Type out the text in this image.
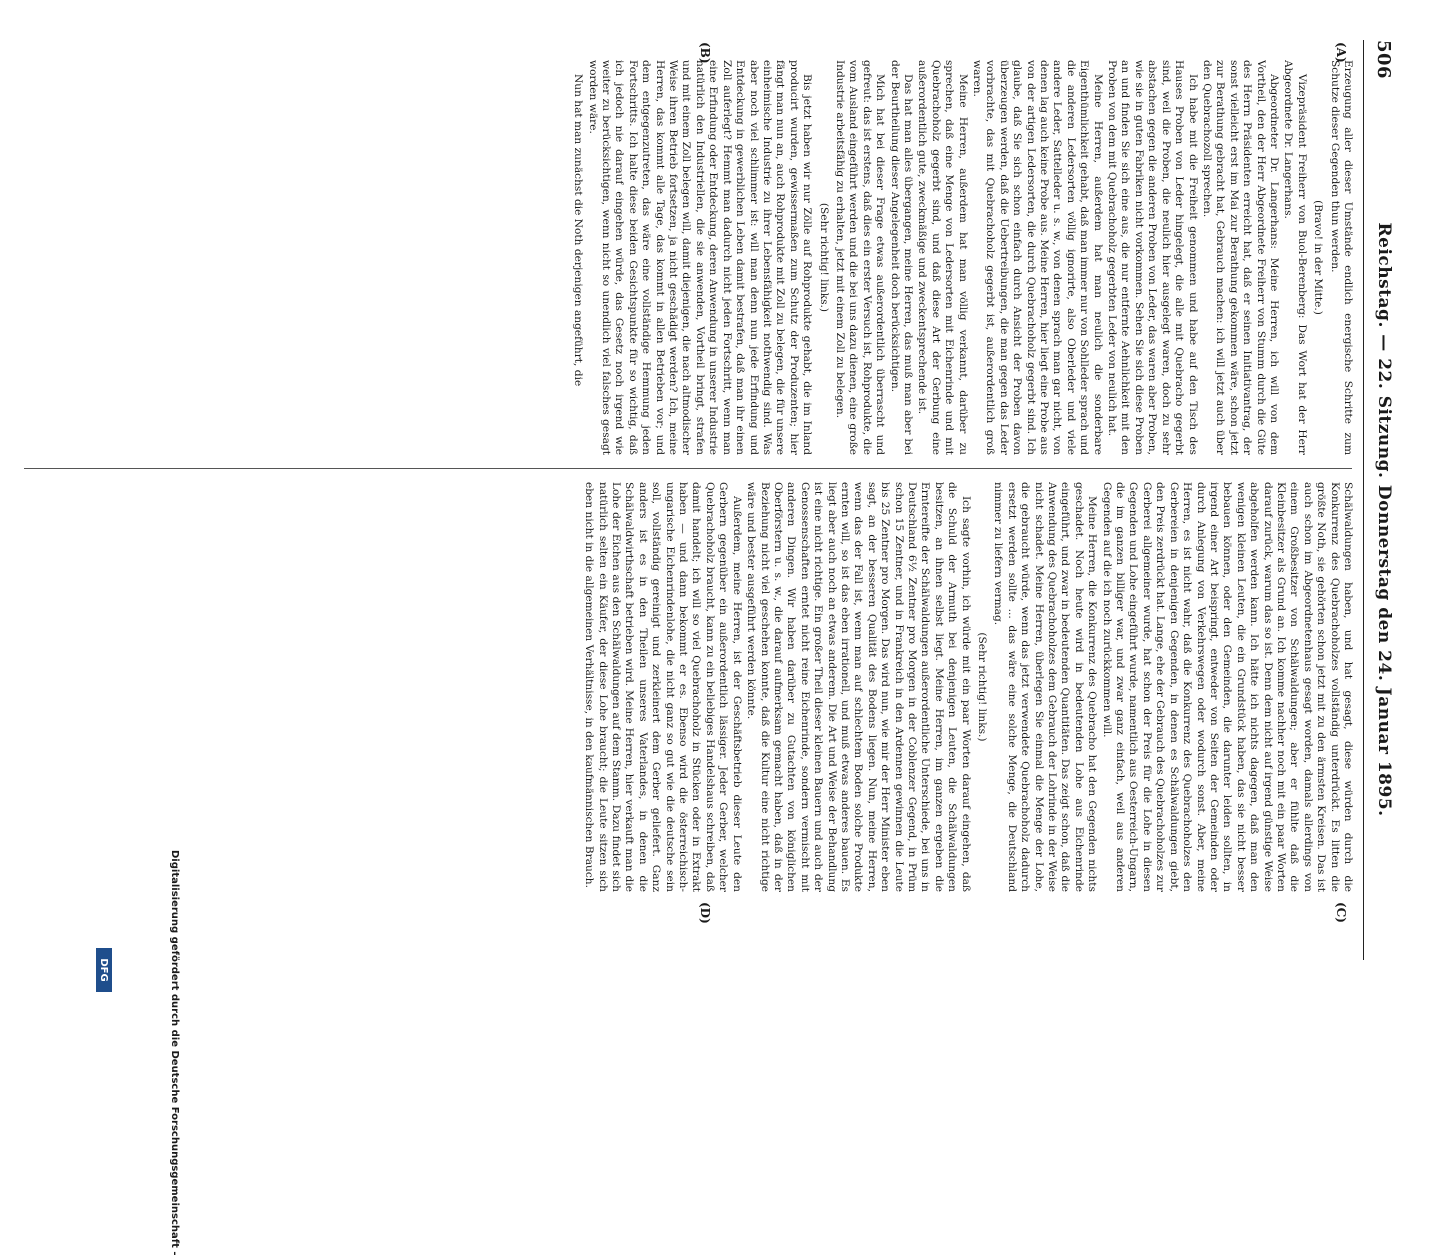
506
Reichstag. — 22. Sitzung. Donnerstag den 24. Januar 1895.
(A)
(B)
(C)
(D)

Erzeugung aller dieser Umstände endlich energische Schritte zum Schutze dieser Gegenden thun werden.

(Bravo! in der Mitte.)

Vizepräsident Freiherr von Buol-Berenberg: Das Wort hat der Herr Abgeordnete Dr. Langerhans.

Abgeordneter Dr. Langerhans: Meine Herren, ich will von dem Vortheil, den der Herr Abgeordnete Freiherr von Stumm durch die Güte des Herrn Präsidenten erreicht hat, daß er seinen Initiativantrag, der sonst vielleicht erst im Mai zur Berathung gekommen wäre, schon jetzt zur Berathung gebracht hat, Gebrauch machen: ich will jetzt auch über den Quebrachozoll sprechen.

Ich habe mit die Freiheit genommen und habe auf den Tisch des Hauses Proben von Leder hingelegt, die alle mit Quebracho gegerbt sind, weil die Proben, die neulich hier ausgelegt waren, doch zu sehr abstachen gegen die anderen Proben von Leder, das waren aber Proben, wie sie in guten Fabriken nicht vorkommen. Sehen Sie sich diese Proben an und finden Sie sich eine aus, die nur entfernte Aehnlichkeit mit den Proben von dem mit Quebrachoholz gegerbten Leder von neulich hat.

Meine Herren, außerdem hat man neulich die sonderbare Eigenthümlichkeit gehabt, daß man immer nur von Sohlleder sprach und die anderen Ledersorten völlig ignorirte, also Oberleder und viele andere Leder, Sattelleder u. s. w., von denen sprach man gar nicht, von denen lag auch keine Probe aus. Meine Herren, hier liegt eine Probe aus von der artigen Ledersorten, die durch Quebrachoholz gegerbt sind. Ich glaube, daß Sie sich schon einfach durch Ansicht der Proben davon überzeugen werden, daß die Uebertreibungen, die man gegen das Leder vorbrachte, das mit Quebrachoholz gegerbt ist, außerordentlich groß waren.

Meine Herren, außerdem hat man völlig verkannt, darüber zu sprechen, daß eine Menge von Ledersorten mit Eichenrinde und mit Quebrachoholz gegerbt sind, und daß diese Art der Gerbung eine außerordentlich gute, zweckmäßige und zweckentsprechende ist.

Das hat man alles übergangen, meine Herren, das muß man aber bei der Beurtheilung dieser Angelegenheit doch berücksichtigen.

Mich hat bei dieser Frage etwas außerordentlich überrascht und gefreut: das ist erstens, daß dies ein erster Versuch ist, Rohprodukte, die vom Ausland eingeführt werden und die bei uns dazu dienen, eine große Industrie arbeitsfähig zu erhalten, jetzt mit einem Zoll zu belegen.

(Sehr richtig! links.)

Bis jetzt haben wir nur Zölle auf Rohprodukte gehabt, die im Inland producirt wurden, gewissermaßen zum Schutz der Produzenten; hier fängt man nun an, auch Rohprodukte mit Zoll zu belegen, die für unsere einheimische Industrie zu ihrer Lebensfähigkeit nothwendig sind. Was aber noch viel schlimmer ist: will man denn nun jede Erfindung und Entdeckung in gewerblichen Leben damit bestrafen, daß man ihr einen Zoll auferlegt? Hemmt man dadurch nicht jeden Fortschritt, wenn man eine Erfindung oder Entdeckung, deren Anwendung in unserer Industrie natürlich den Industriellen, die sie anwenden, Vortheil bringt, strafen und mit einem Zoll belegen will, damit diejenigen, die nach altmodischer Weise ihren Betrieb fortsetzen, ja nicht geschädigt werden? Ich, meine Herren, das kommt alle Tage, das kommt in allen Betrieben vor; und dem entgegenzutreten, das wäre eine vollständige Hemmung jeden Fortschritts. Ich halte diese beiden Gesichtspunkte für so wichtig, daß ich jedoch nie darauf eingehen würde, das Gesetz noch irgend wie weiter zu berücksichtigen, wenn nicht so unendlich viel falsches gesagt worden wäre.

Nun hat man zunächst die Noth derjenigen angeführt, die

Schälwaldungen haben, und hat gesagt, diese würden durch die Konkurrenz des Quebrachoholzes vollständig unterdrückt. Es litten die größte Noth, sie gehörten schon jetzt mit zu den ärmsten Kreisen. Das ist auch schon im Abgeordnetenhaus gesagt worden, damals allerdings von einem Großbesitzer von Schälwaldungen; aber er fühlte daß die Kleinbesitzer als Grund an. Ich komme nachher noch mit ein paar Worten darauf zurück, warum das so ist. Denn dem nicht auf irgend günstige Weise abgeholfen werden kann. Ich hätte ich nichts dagegen, daß man den wenigen kleinen Leuten, die ein Grundstück haben, das sie nicht besser bebauen können, oder den Gemeinden, die darunter leiden sollten, in irgend einer Art beispringt, entweder von Seiten der Gemeinden oder durch Anlegung von Verkehrswegen oder wodurch sonst. Aber, meine Herren, es ist nicht wahr, daß die Konkurrenz des Quebrachoholzes den Gerbereien in denjenigen Gegenden, in denen es Schälwaldungen giebt, den Preis zerdrückt hat. Lange, ehe der Gebrauch des Quebrachoholzes zur Gerberei allgemeiner wurde, hat schon der Preis für die Lohe in diesen Gegenden und Lohe eingeführt wurde, namentlich aus Oesterreich-Ungarn, die im ganzen billiger war, und zwar ganz einfach, weil aus anderen Gegenden auf die ich noch zurückkommen will.

Meine Herren, die Konkurrenz des Quebracho hat den Gegenden nichts geschadet. Noch heute wird in bedeutenden Lohe aus Eichenrinde eingeführt, und zwar in bedeutenden Quantitäten. Das zeigt schon, daß die Anwendung des Quebrachoholzes dem Gebrauch der Lohrinde in der Weise nicht schadet. Meine Herren, überlegen Sie einmal die Menge der Lohe, die gebraucht würde, wenn das jetzt verwendete Quebrachoholz dadurch ersetzt werden sollte ... das wäre eine solche Menge, die Deutschland nimmer zu liefern vermag.

(Sehr richtig! links.)

Ich sagte vorhin, ich würde mit ein paar Worten darauf eingehen, daß die Schuld der Armuth bei denjenigen Leuten, die Schälwaldungen besitzen, an ihnen selbst liegt. Meine Herren, im ganzen ergeben die Erntereifte der Schälwaldungen außerordentliche Unterschiede, bei uns in Deutschland 6½ Zentner pro Morgen in der Coblenzer Gegend, in Prüm schon 15 Zentner, und in Frankreich in den Ardennen gewinnen die Leute bis 25 Zentner pro Morgen. Das wird nun, wie mir der Herr Minister eben sagt, an der besseren Qualität des Bodens liegen. Nun, meine Herren, wenn das der Fall ist, wenn man auf schlechtem Boden solche Produkte ernten will, so ist das eben irrationell, und muß etwas anderes bauen. Es liegt aber auch noch an etwas anderem. Die Art und Weise der Behandlung ist eine nicht richtige. Ein großer Theil dieser kleinen Bauern und auch der Genossenschaften erntet nicht reine Eichenrinde, sondern vermischt mit anderen Dingen. Wir haben darüber zu Gutachten von königlichen Oberförstern u. s. w., die darauf aufmerksam gemacht haben, daß in der Beziehung nicht viel geschehen konnte, daß die Kultur eine nicht richtige wäre und bester ausgeführt werden könnte.

Außerdem, meine Herren, ist der Geschäftsbetrieb dieser Leute den Gerbern gegenüber ein außerordentlich lässiger. Jeder Gerber, welcher Quebrachoholz braucht, kann zu ein beliebiges Handelshaus schreiben, daß damit handelt; ich will so viel Quebrachoholz in Stücken oder in Extrakt haben — und dann bekommt er es. Ebenso wird die österreichisch-ungarische Eichenrindenlohe, die nicht ganz so gut wie die deutsche sein soll, vollständig gereinigt und zerkleinert dem Gerber geliefert. Ganz anders ist es in den Theilen unseres Vaterlandes, in denen die Schälwaldwirthschaft betrieben wird. Meine Herren, hier verkauft man die Lohe der Eichen aus den Schälwaldungen auf dem Stamm. Dazu findet sich natürlich selten ein Käufer, der diese Lohe braucht; die Leute sitzen sich eben nicht in die allgemeinen Verhältnisse, in den kaufmännischen Brauch.

Digitalisierung gefördert durch die Deutsche Forschungsgemeinschaft -
DFG
